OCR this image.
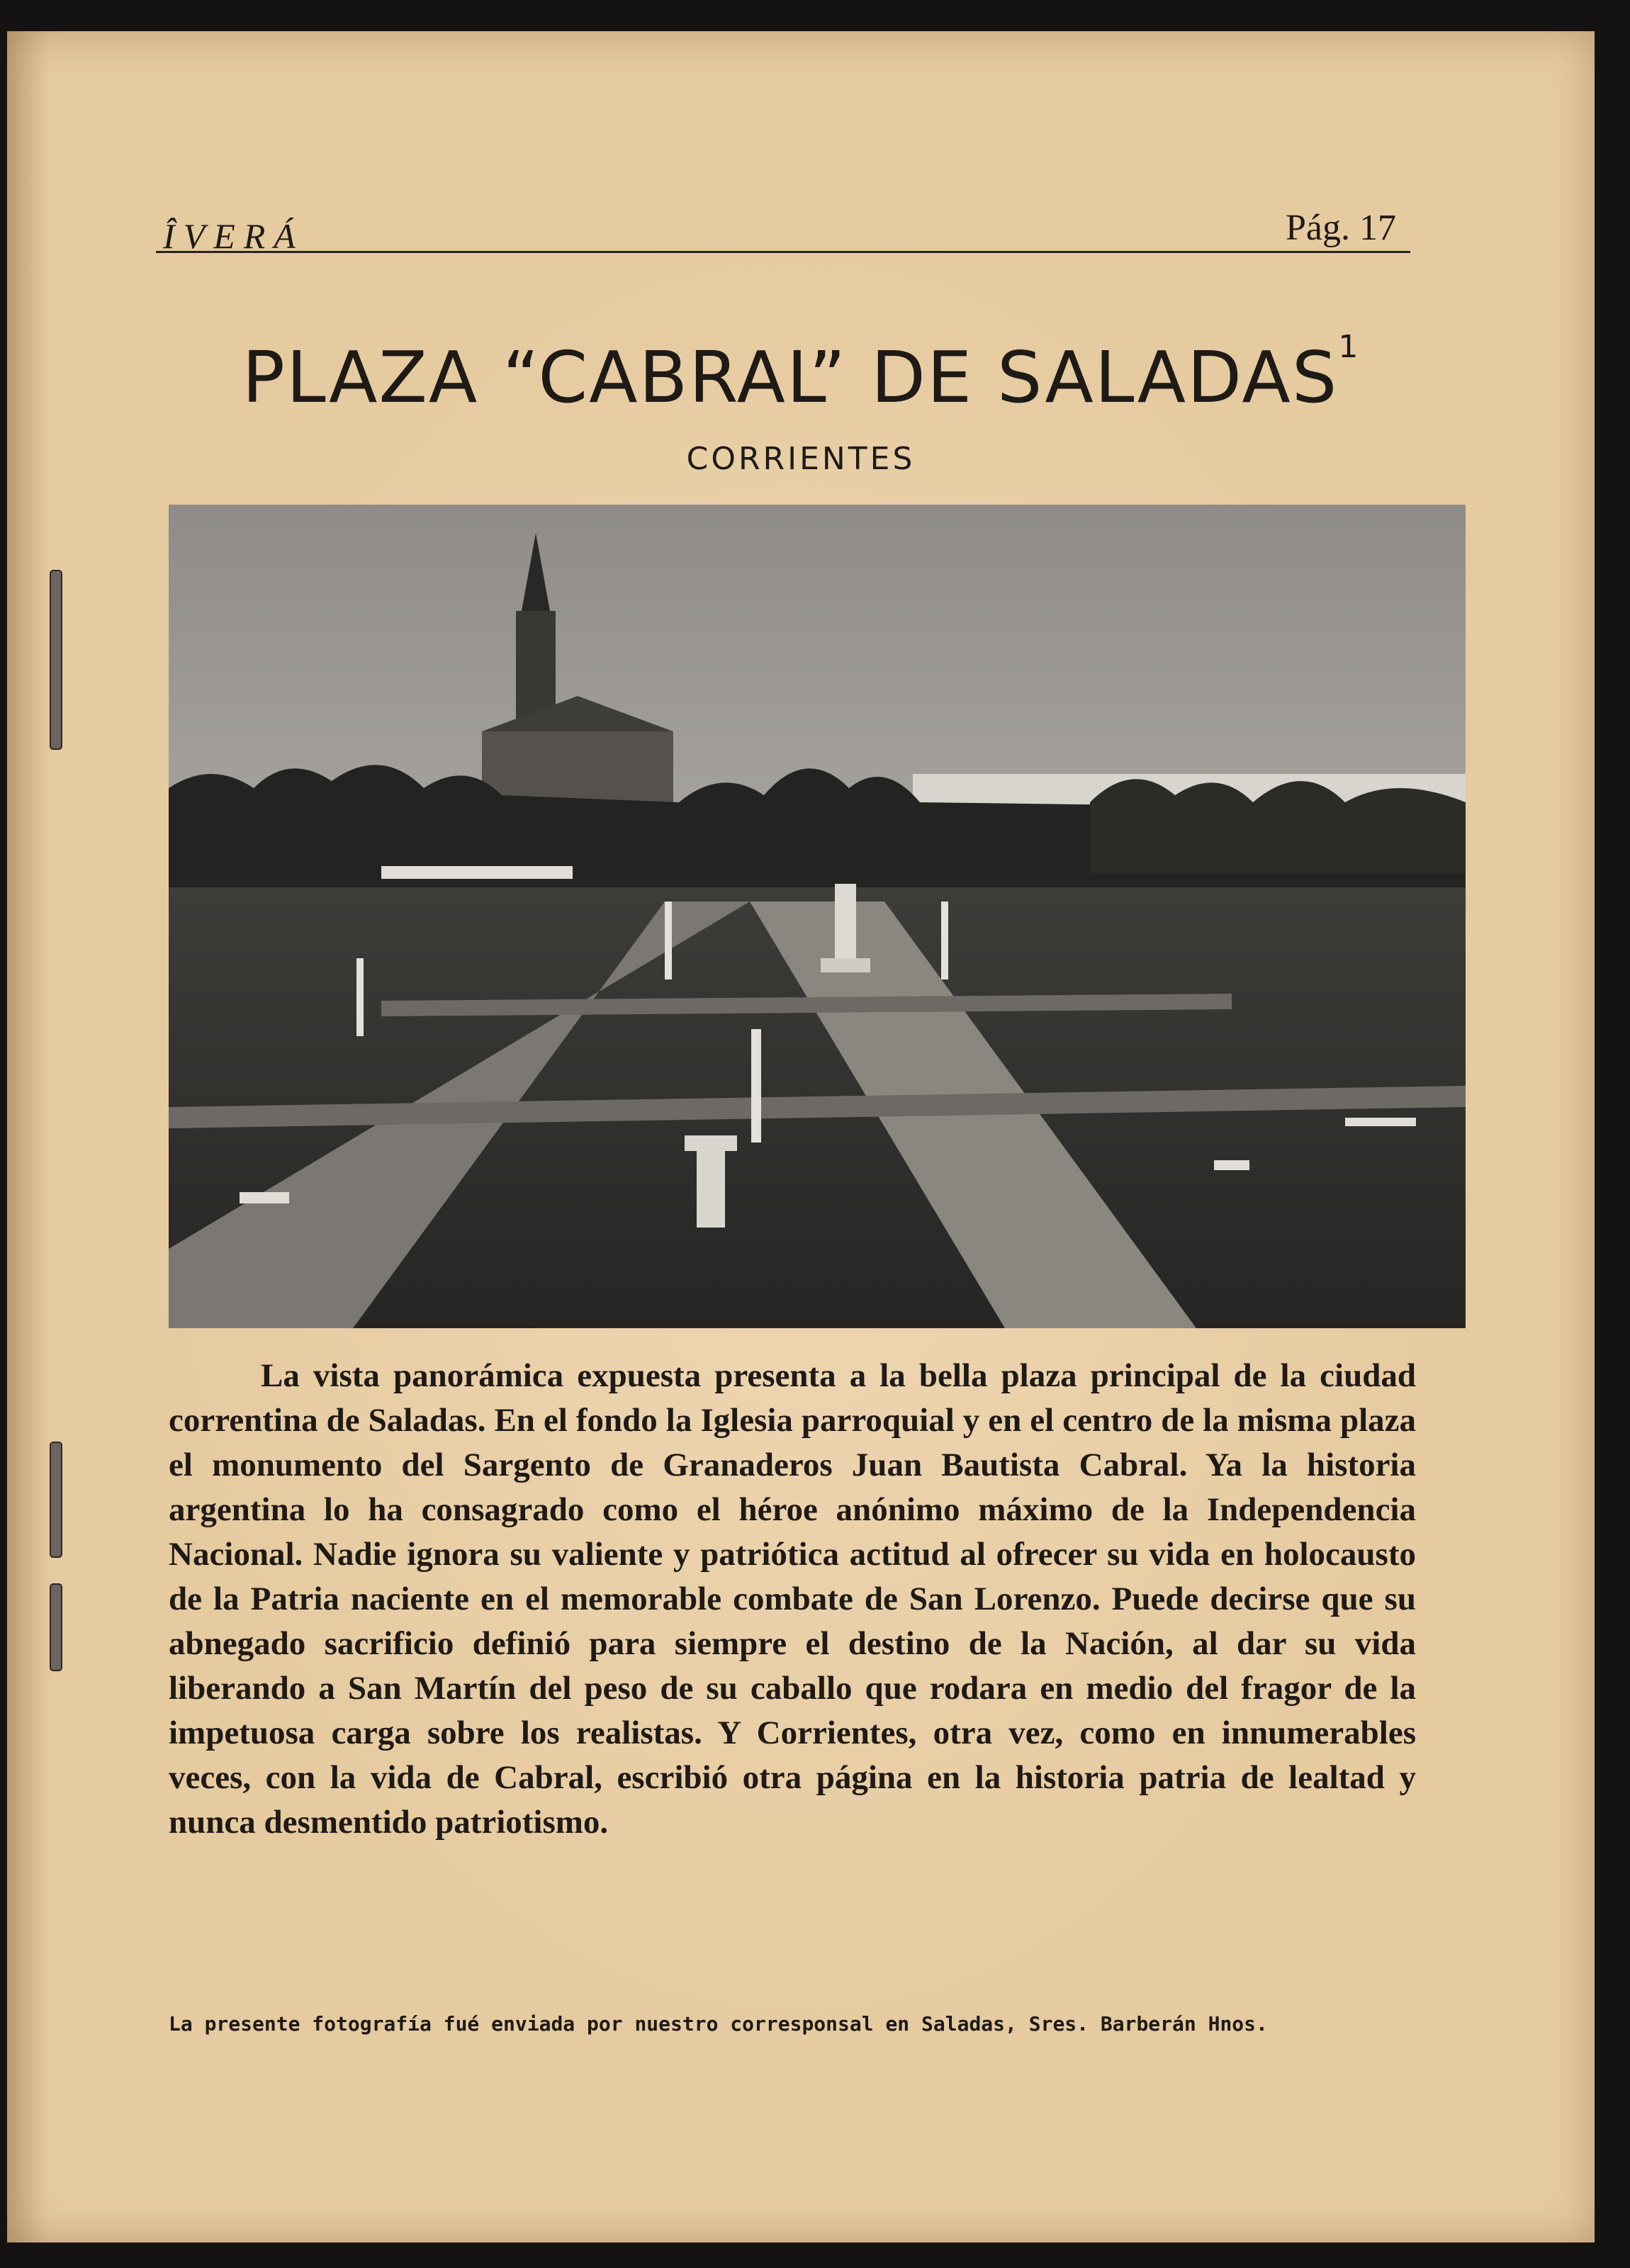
ÎVERÁ	Pág. 17
PLAZA “CABRAL” DE SALADAS$^1$
CORRIENTES

La vista panorámica expuesta presenta a la bella plaza principal de la ciudad correntina de Saladas. En el fondo la Iglesia parroquial y en el centro de la misma plaza el monumento del Sargento de Granaderos Juan Bautista Cabral. Ya la historia argentina lo ha consagrado como el héroe anónimo máximo de la Independencia Nacional. Nadie ignora su valiente y patriótica actitud al ofrecer su vida en holocausto de la Patria naciente en el memorable combate de San Lorenzo. Puede decirse que su abnegado sacrificio definió para siempre el destino de la Nación, al dar su vida liberando a San Martín del peso de su caballo que rodara en medio del fragor de la impetuosa carga sobre los realistas. Y Corrientes, otra vez, como en innumerables veces, con la vida de Cabral, escribió otra página en la historia patria de lealtad y nunca desmentido patriotismo.

La presente fotografía fué enviada por nuestro corresponsal en Saladas, Sres. Barberán Hnos.
